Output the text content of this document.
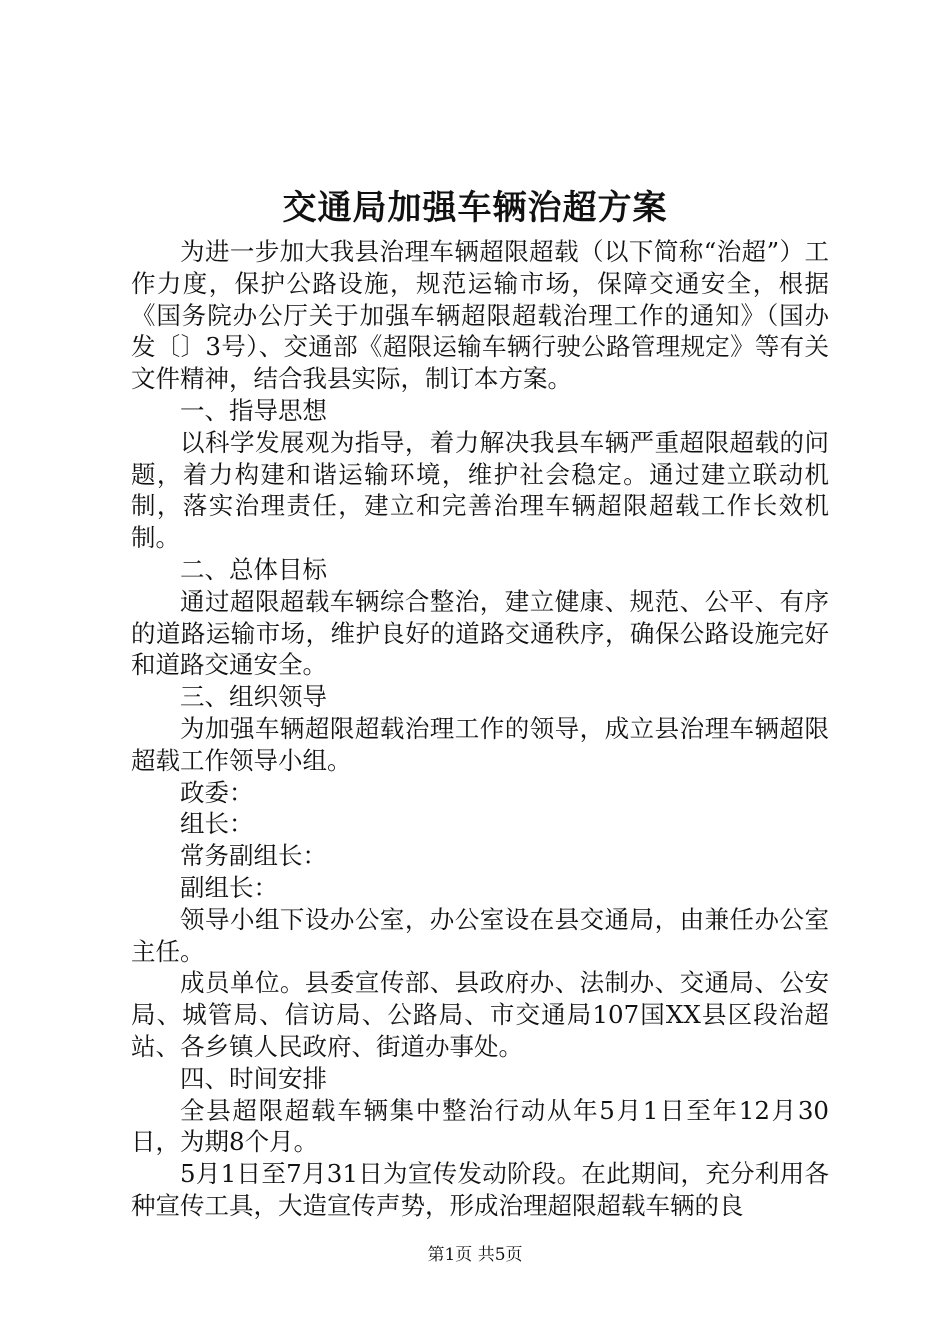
交通局加强车辆治超方案

为进一步加大我县治理车辆超限超载（以下简称“治超”）工作力度，保护公路设施，规范运输市场，保障交通安全，根据《国务院办公厅关于加强车辆超限超载治理工作的通知》（国办发〔〕3号）、交通部《超限运输车辆行驶公路管理规定》等有关文件精神，结合我县实际，制订本方案。

一、指导思想

以科学发展观为指导，着力解决我县车辆严重超限超载的问题，着力构建和谐运输环境，维护社会稳定。通过建立联动机制，落实治理责任，建立和完善治理车辆超限超载工作长效机制。

二、总体目标

通过超限超载车辆综合整治，建立健康、规范、公平、有序的道路运输市场，维护良好的道路交通秩序，确保公路设施完好和道路交通安全。

三、组织领导

为加强车辆超限超载治理工作的领导，成立县治理车辆超限超载工作领导小组。

政委：

组长：

常务副组长：

副组长：

领导小组下设办公室，办公室设在县交通局，由兼任办公室主任。

成员单位。县委宣传部、县政府办、法制办、交通局、公安局、城管局、信访局、公路局、市交通局107国XX县区段治超站、各乡镇人民政府、街道办事处。

四、时间安排

全县超限超载车辆集中整治行动从年5月1日至年12月30日，为期8个月。

5月1日至7月31日为宣传发动阶段。在此期间，充分利用各种宣传工具，大造宣传声势，形成治理超限超载车辆的良

第1页 共5页
